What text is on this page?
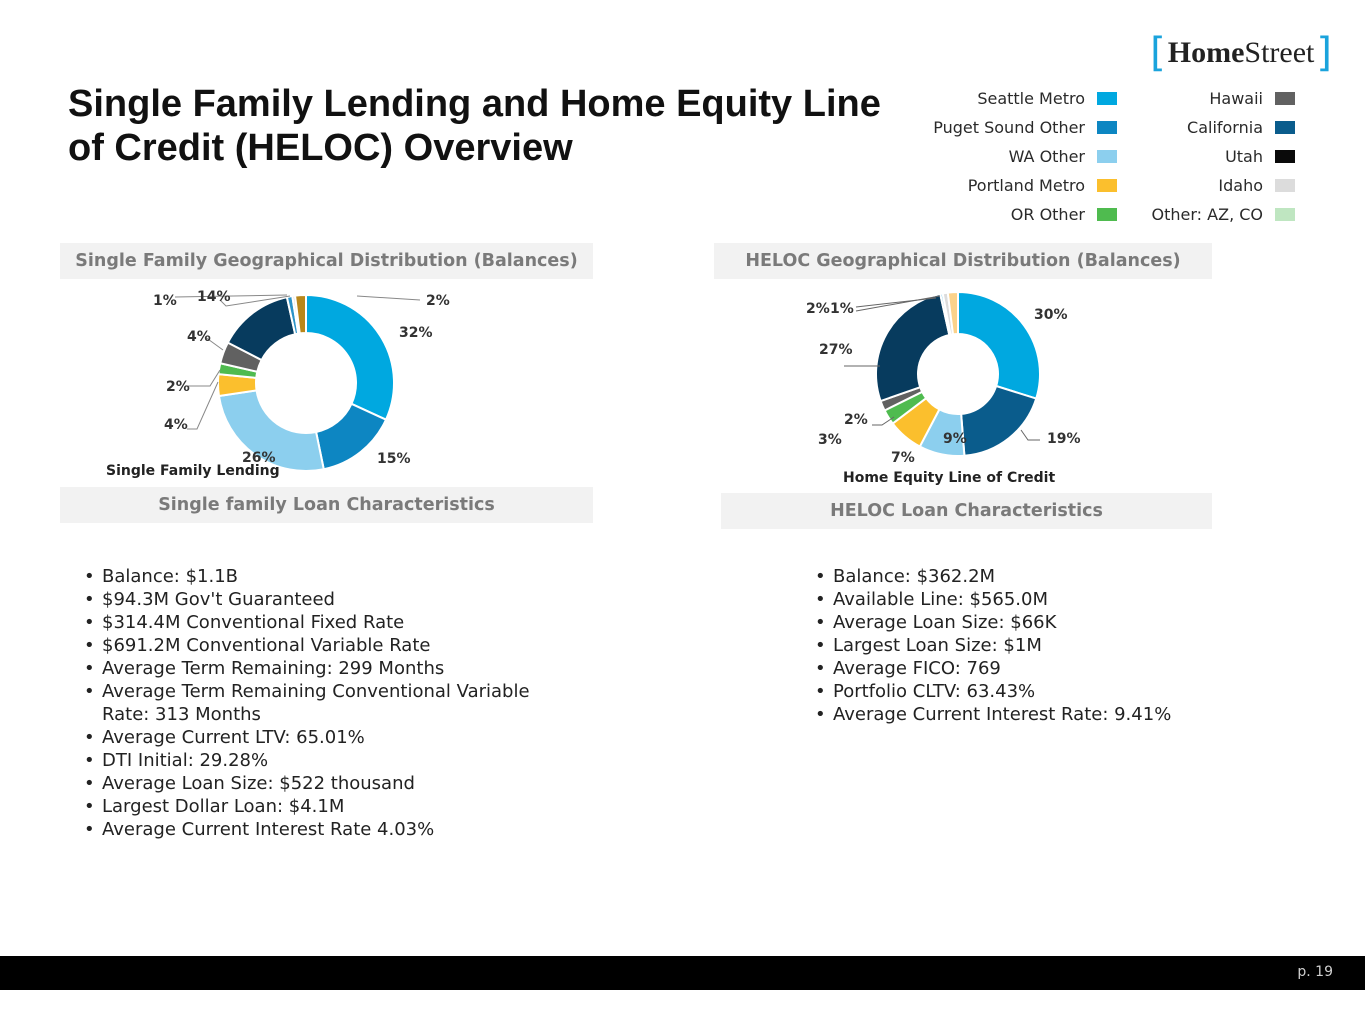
Single Family Lending and Home Equity Line of Credit (HELOC) Overview
[ Home Street ]
Seattle Metro
Puget Sound Other
WA Other
Portland Metro
OR Other
Hawaii
California
Utah
Idaho
Other: AZ, CO
Single Family Geographical Distribution (Balances)	HELOC Geographical Distribution (Balances)
Single family Loan Characteristics	HELOC Loan Characteristics
32%
15%
26%
4%
2%
4%
14%
1%	2%
Single Family Lending
30%
19%
9%
7%
3%
2%
27%
1%
2%
Home Equity Line of Credit
• Balance: $1.1B
• $94.3M Gov't Guaranteed
• $314.4M Conventional Fixed Rate
• $691.2M Conventional Variable Rate
• Average Term Remaining: 299 Months
• Average Term Remaining Conventional Variable Rate: 313 Months
• Average Current LTV: 65.01%
• DTI Initial: 29.28%
• Average Loan Size: $522 thousand
• Largest Dollar Loan: $4.1M
• Average Current Interest Rate 4.03%
• Balance: $362.2M
• Available Line: $565.0M
• Average Loan Size: $66K
• Largest Loan Size: $1M
• Average FICO: 769
• Portfolio CLTV: 63.43%
• Average Current Interest Rate: 9.41%
p. 19
